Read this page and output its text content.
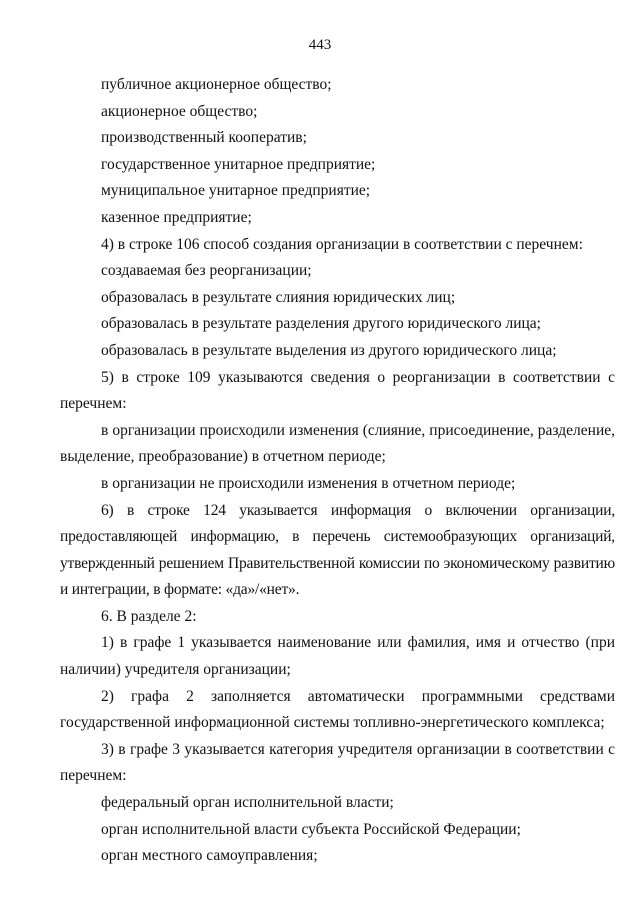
443

публичное акционерное общество;

акционерное общество;

производственный кооператив;

государственное унитарное предприятие;

муниципальное унитарное предприятие;

казенное предприятие;

4) в строке 106 способ создания организации в соответствии с перечнем:

создаваемая без реорганизации;

образовалась в результате слияния юридических лиц;

образовалась в результате разделения другого юридического лица;

образовалась в результате выделения из другого юридического лица;

5) в строке 109 указываются сведения о реорганизации в соответствии с перечнем:

в организации происходили изменения (слияние, присоединение, разделение, выделение, преобразование) в отчетном периоде;

в организации не происходили изменения в отчетном периоде;

6) в строке 124 указывается информация о включении организации, предоставляющей информацию, в перечень системообразующих организаций, утвержденный решением Правительственной комиссии по экономическому развитию и интеграции, в формате: «да»/«нет».

6. В разделе 2:

1) в графе 1 указывается наименование или фамилия, имя и отчество (при наличии) учредителя организации;

2) графа 2 заполняется автоматически программными средствами государственной информационной системы топливно-энергетического комплекса;

3) в графе 3 указывается категория учредителя организации в соответствии с перечнем:

федеральный орган исполнительной власти;

орган исполнительной власти субъекта Российской Федерации;

орган местного самоуправления;
